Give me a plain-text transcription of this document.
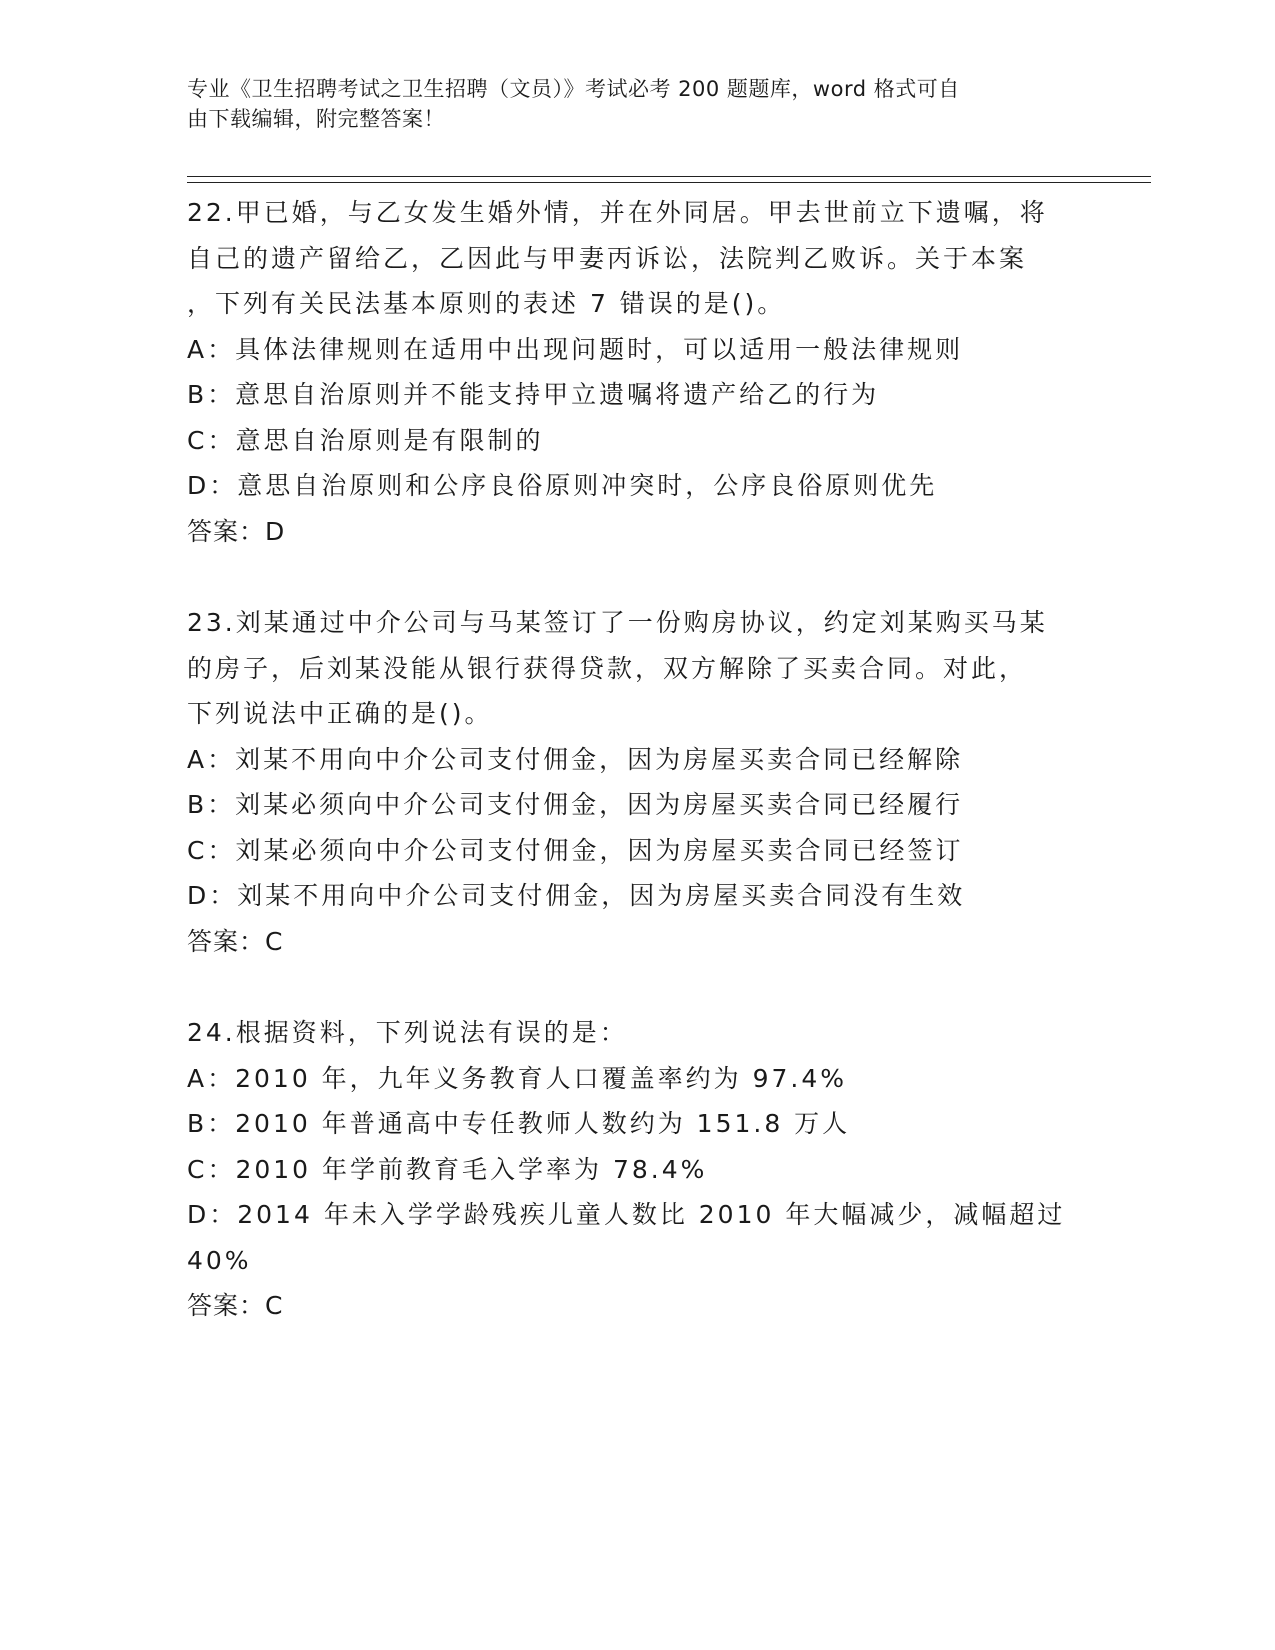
专业《卫生招聘考试之卫生招聘（文员）》考试必考 200 题题库，word 格式可自
由下载编辑，附完整答案！
22.甲已婚，与乙女发生婚外情，并在外同居。甲去世前立下遗嘱，将
自己的遗产留给乙，乙因此与甲妻丙诉讼，法院判乙败诉。关于本案
，下列有关民法基本原则的表述 7 错误的是()。
A：具体法律规则在适用中出现问题时，可以适用一般法律规则
B：意思自治原则并不能支持甲立遗嘱将遗产给乙的行为
C：意思自治原则是有限制的
D：意思自治原则和公序良俗原则冲突时，公序良俗原则优先
答案：D
23.刘某通过中介公司与马某签订了一份购房协议，约定刘某购买马某
的房子，后刘某没能从银行获得贷款，双方解除了买卖合同。对此，
下列说法中正确的是()。
A：刘某不用向中介公司支付佣金，因为房屋买卖合同已经解除
B：刘某必须向中介公司支付佣金，因为房屋买卖合同已经履行
C：刘某必须向中介公司支付佣金，因为房屋买卖合同已经签订
D：刘某不用向中介公司支付佣金，因为房屋买卖合同没有生效
答案：C
24.根据资料，下列说法有误的是：
A：2010 年，九年义务教育人口覆盖率约为 97.4%
B：2010 年普通高中专任教师人数约为 151.8 万人
C：2010 年学前教育毛入学率为 78.4%
D：2014 年未入学学龄残疾儿童人数比 2010 年大幅减少，减幅超过
40%
答案：C
